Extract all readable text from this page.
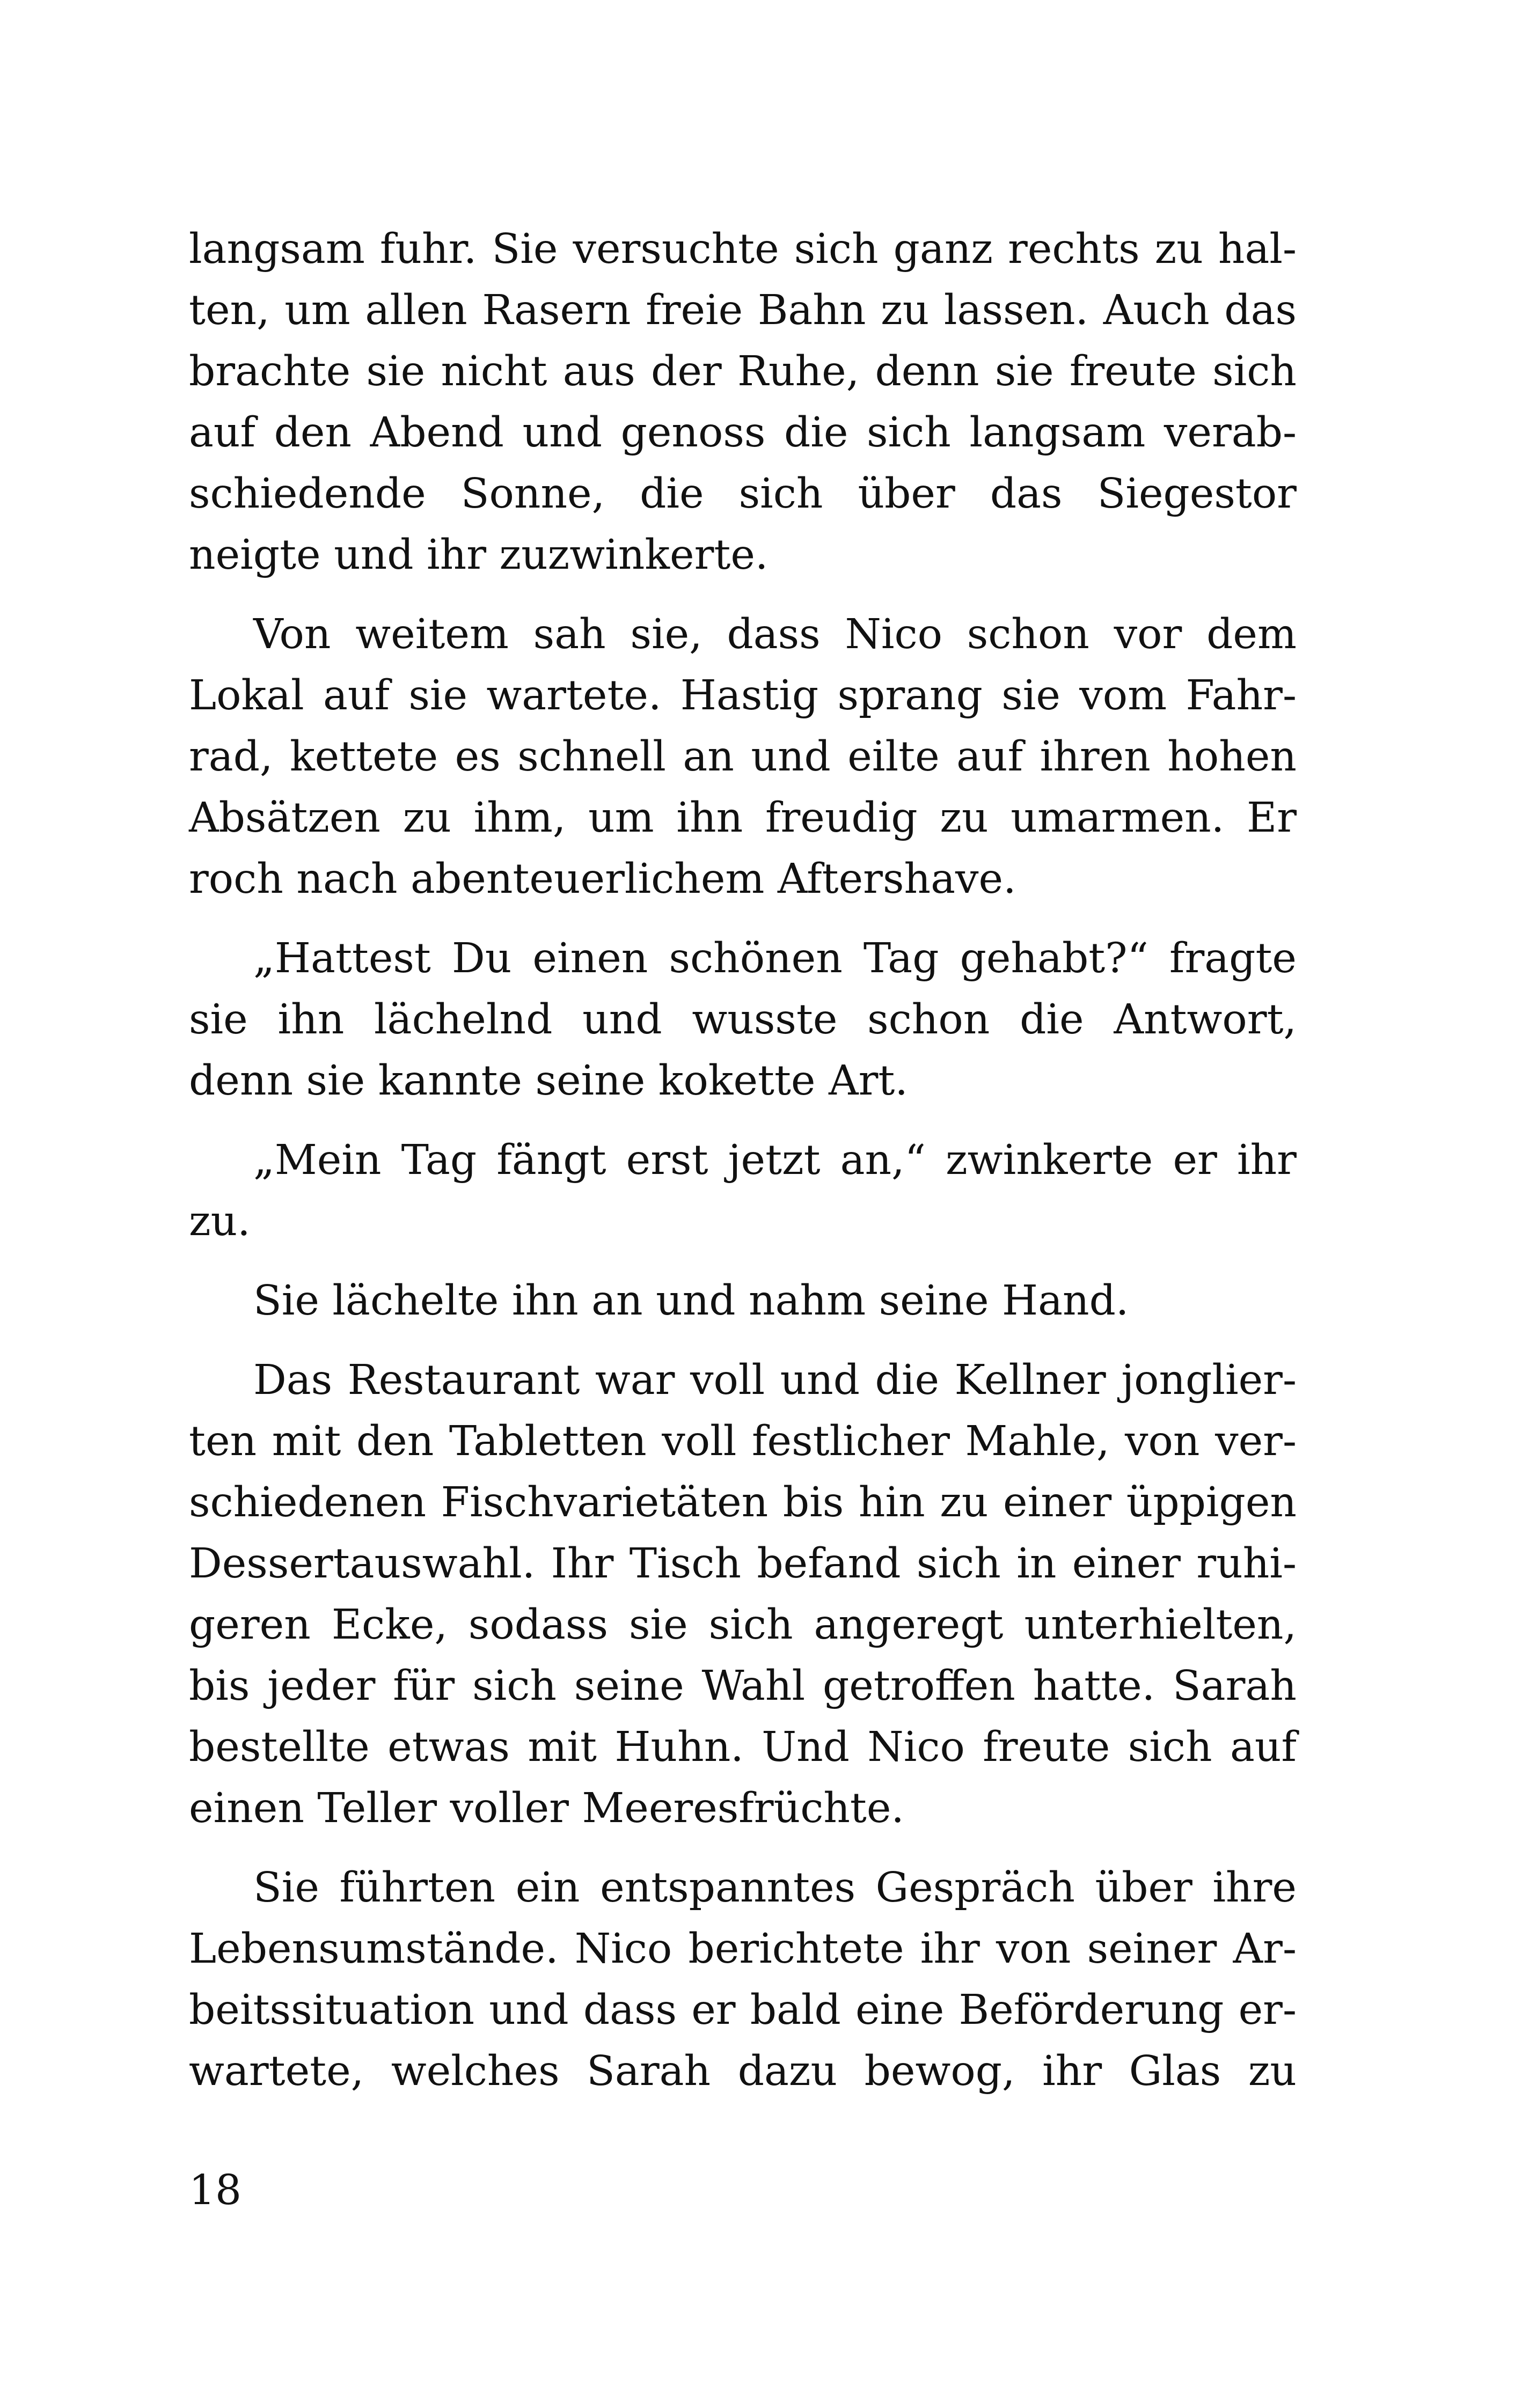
langsam fuhr. Sie versuchte sich ganz rechts zu hal-
ten, um allen Rasern freie Bahn zu lassen. Auch das
brachte sie nicht aus der Ruhe, denn sie freute sich
auf den Abend und genoss die sich langsam verab-
schiedende Sonne, die sich über das Siegestor
neigte und ihr zuzwinkerte.
Von weitem sah sie, dass Nico schon vor dem
Lokal auf sie wartete. Hastig sprang sie vom Fahr-
rad, kettete es schnell an und eilte auf ihren hohen
Absätzen zu ihm, um ihn freudig zu umarmen. Er
roch nach abenteuerlichem Aftershave.
„Hattest Du einen schönen Tag gehabt?“ fragte
sie ihn lächelnd und wusste schon die Antwort,
denn sie kannte seine kokette Art.
„Mein Tag fängt erst jetzt an,“ zwinkerte er ihr
zu.
Sie lächelte ihn an und nahm seine Hand.
Das Restaurant war voll und die Kellner jonglier-
ten mit den Tabletten voll festlicher Mahle, von ver-
schiedenen Fischvarietäten bis hin zu einer üppigen
Dessertauswahl. Ihr Tisch befand sich in einer ruhi-
geren Ecke, sodass sie sich angeregt unterhielten,
bis jeder für sich seine Wahl getroffen hatte. Sarah
bestellte etwas mit Huhn. Und Nico freute sich auf
einen Teller voller Meeresfrüchte.
Sie führten ein entspanntes Gespräch über ihre
Lebensumstände. Nico berichtete ihr von seiner Ar-
beitssituation und dass er bald eine Beförderung er-
wartete, welches Sarah dazu bewog, ihr Glas zu
18
